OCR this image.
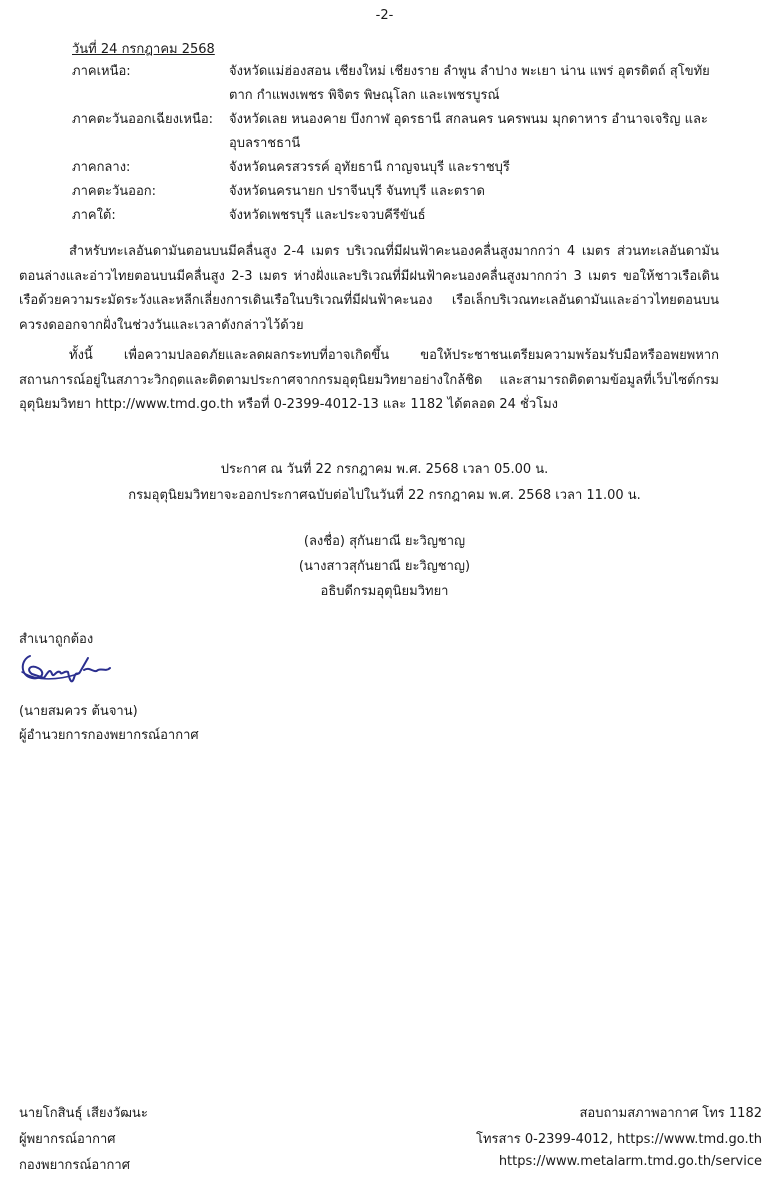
-2-
วันที่ 24 กรกฎาคม 2568
ภาคเหนือ:	จังหวัดแม่ฮ่องสอน เชียงใหม่ เชียงราย ลำพูน ลำปาง พะเยา น่าน แพร่ อุตรดิตถ์ สุโขทัย ตาก กำแพงเพชร พิจิตร พิษณุโลก และเพชรบูรณ์
ภาคตะวันออกเฉียงเหนือ: จังหวัดเลย หนองคาย บึงกาฬ อุดรธานี สกลนคร นครพนม มุกดาหาร อำนาจเจริญ และอุบลราชธานี
ภาคกลาง:	จังหวัดนครสวรรค์ อุทัยธานี กาญจนบุรี และราชบุรี
ภาคตะวันออก:	จังหวัดนครนายก ปราจีนบุรี จันทบุรี และตราด
ภาคใต้:	จังหวัดเพชรบุรี และประจวบคีรีขันธ์
สำหรับทะเลอันดามันตอนบนมีคลื่นสูง 2-4 เมตร บริเวณที่มีฝนฟ้าคะนองคลื่นสูงมากกว่า 4 เมตร ส่วนทะเลอันดามันตอนล่างและอ่าวไทยตอนบนมีคลื่นสูง 2-3 เมตร ห่างฝั่งและบริเวณที่มีฝนฟ้าคะนองคลื่นสูงมากกว่า 3 เมตร ขอให้ชาวเรือเดินเรือด้วยความระมัดระวังและหลีกเลี่ยงการเดินเรือในบริเวณที่มีฝนฟ้าคะนอง เรือเล็กบริเวณทะเลอันดามันและอ่าวไทยตอนบนควรงดออกจากฝั่งในช่วงวันและเวลาดังกล่าวไว้ด้วย
ทั้งนี้ เพื่อความปลอดภัยและลดผลกระทบที่อาจเกิดขึ้น ขอให้ประชาชนเตรียมความพร้อมรับมือหรืออพยพหากสถานการณ์อยู่ในสภาวะวิกฤตและติดตามประกาศจากกรมอุตุนิยมวิทยาอย่างใกล้ชิด และสามารถติดตามข้อมูลที่เว็บไซต์กรมอุตุนิยมวิทยา http://www.tmd.go.th หรือที่ 0-2399-4012-13 และ 1182 ได้ตลอด 24 ชั่วโมง
ประกาศ ณ วันที่ 22 กรกฎาคม พ.ศ. 2568 เวลา 05.00 น.
กรมอุตุนิยมวิทยาจะออกประกาศฉบับต่อไปในวันที่ 22 กรกฎาคม พ.ศ. 2568 เวลา 11.00 น.
(ลงชื่อ) สุกันยาณี ยะวิญชาญ
(นางสาวสุกันยาณี ยะวิญชาญ)
อธิบดีกรมอุตุนิยมวิทยา
สำเนาถูกต้อง
(นายสมควร ต้นจาน)
ผู้อำนวยการกองพยากรณ์อากาศ
นายโกสินธุ์ เสียงวัฒนะ
ผู้พยากรณ์อากาศ
กองพยากรณ์อากาศ
สอบถามสภาพอากาศ โทร 1182
โทรสาร 0-2399-4012, https://www.tmd.go.th
https://www.metalarm.tmd.go.th/service
